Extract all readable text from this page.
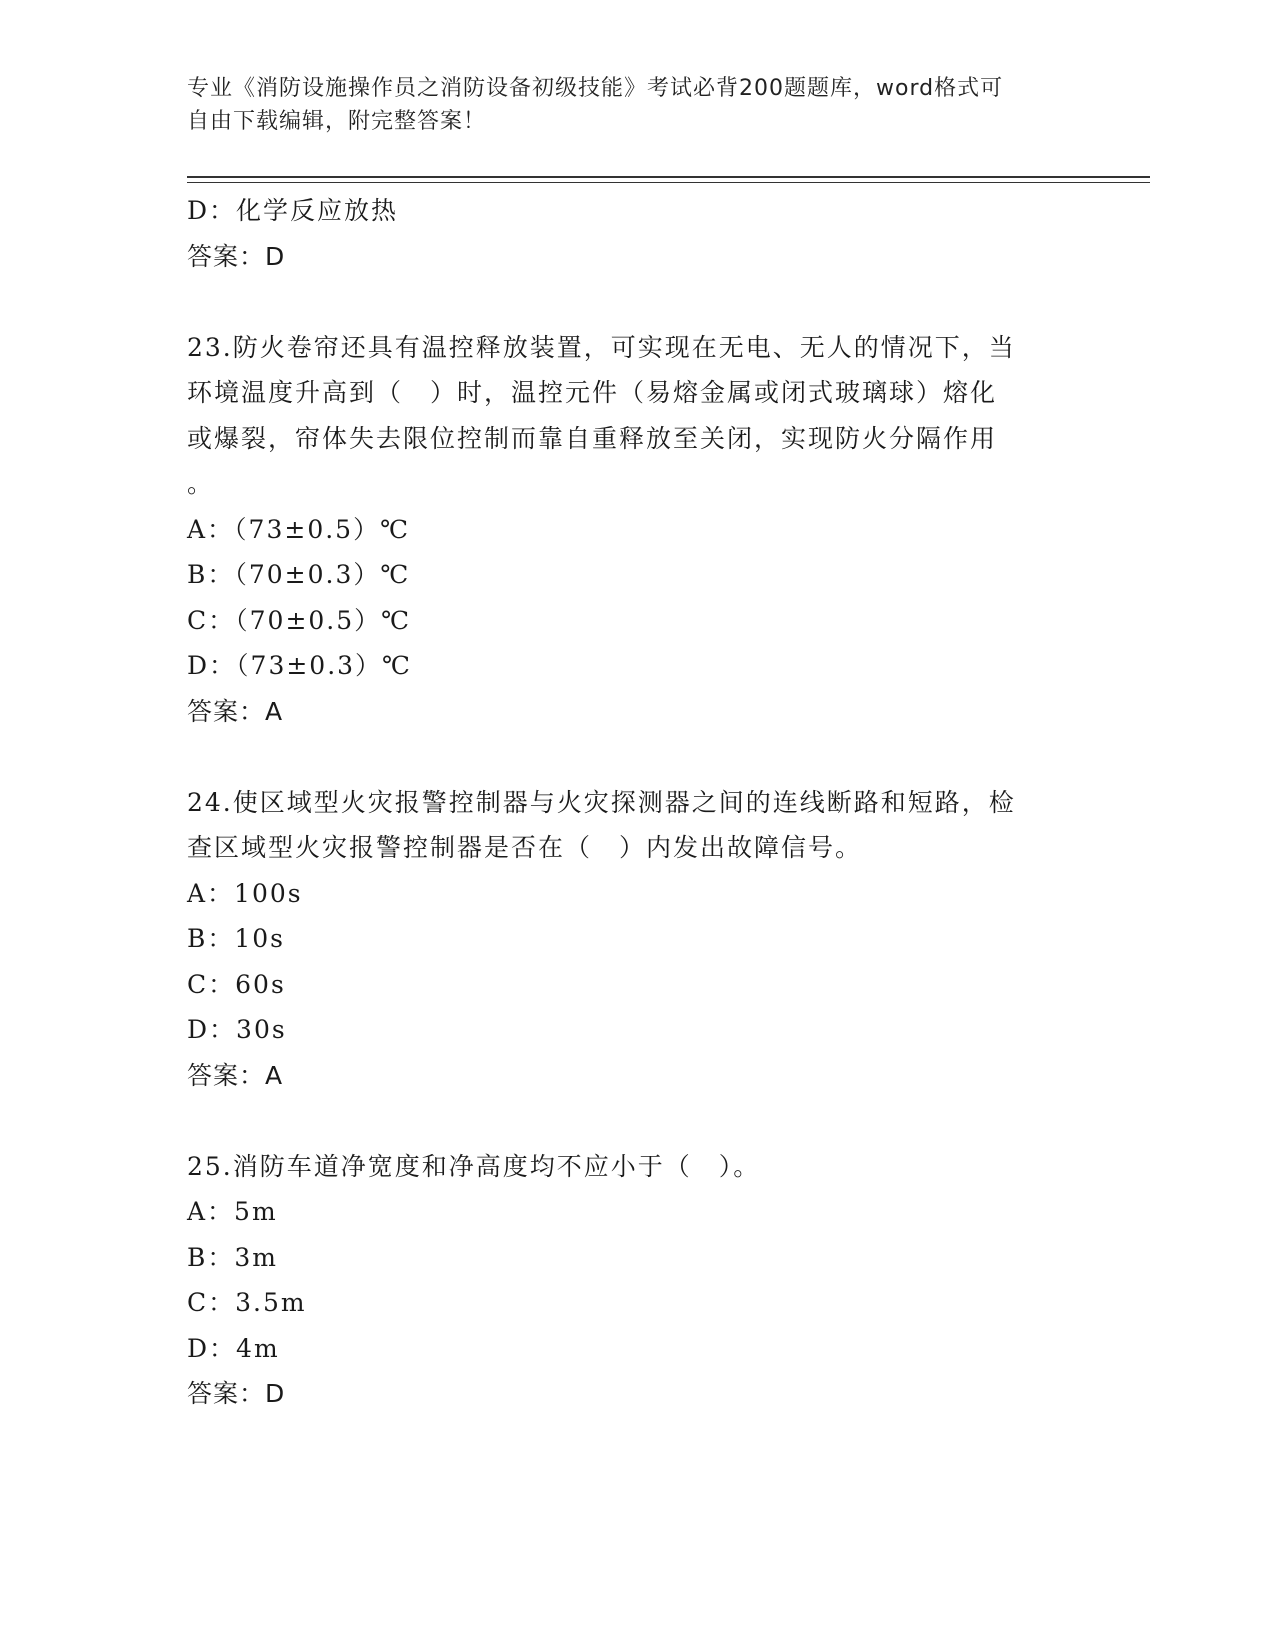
专业《消防设施操作员之消防设备初级技能》考试必背200题题库，word格式可
自由下载编辑，附完整答案！
D：化学反应放热
答案：D
23.防火卷帘还具有温控释放装置，可实现在无电、无人的情况下，当
环境温度升高到（　）时，温控元件（易熔金属或闭式玻璃球）熔化
或爆裂，帘体失去限位控制而靠自重释放至关闭，实现防火分隔作用
。
A：（73±0.5）℃
B：（70±0.3）℃
C：（70±0.5）℃
D：（73±0.3）℃
答案：A
24.使区域型火灾报警控制器与火灾探测器之间的连线断路和短路，检
查区域型火灾报警控制器是否在（　）内发出故障信号。
A：100s
B：10s
C：60s
D：30s
答案：A
25.消防车道净宽度和净高度均不应小于（　）。
A：5m
B：3m
C：3.5m
D：4m
答案：D
